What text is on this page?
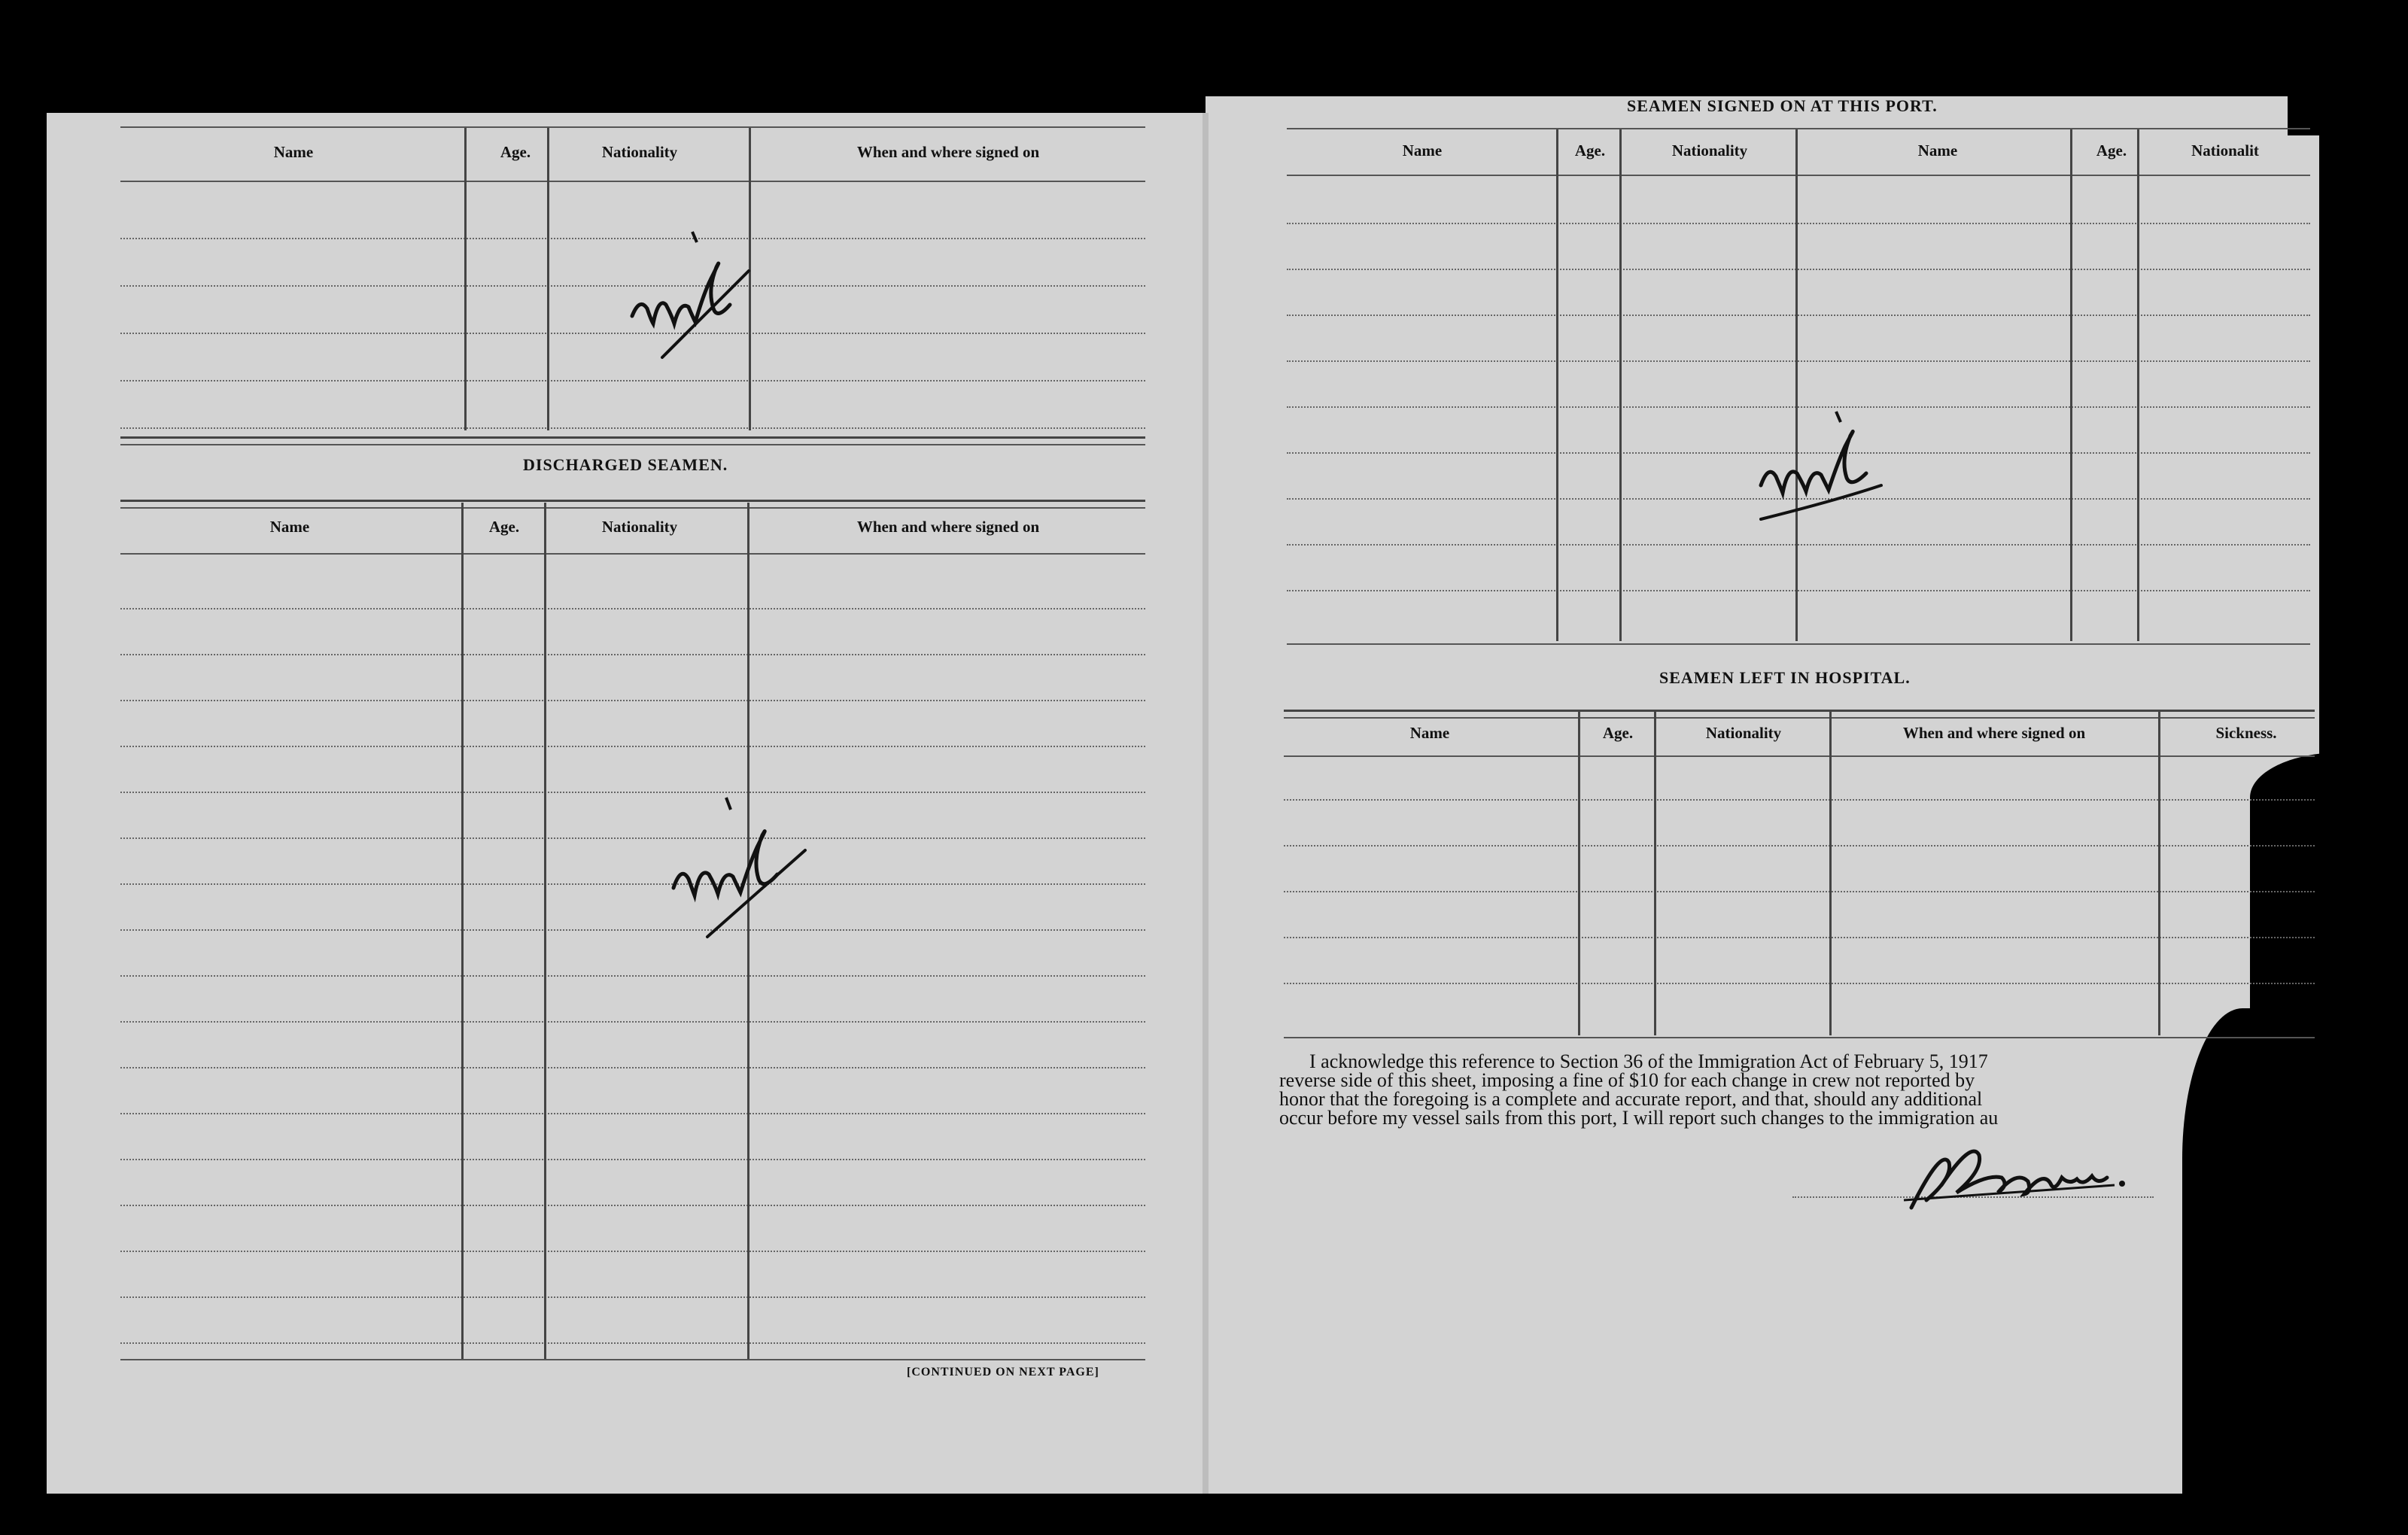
Name	Age.	Nationality	When and where signed on
DISCHARGED SEAMEN.
Name	Age.	Nationality	When and where signed on
[CONTINUED ON NEXT PAGE]
SEAMEN SIGNED ON AT THIS PORT.
Name	Age.	Nationality	Name	Age.	Nationalit
SEAMEN LEFT IN HOSPITAL.
Name	Age.	Nationality	When and where signed on	Sickness.
I acknowledge this reference to Section 36 of the Immigration Act of February 5, 1917
reverse side of this sheet, imposing a fine of $10 for each change in crew not reported by
honor that the foregoing is a complete and accurate report, and that, should any additional
occur before my vessel sails from this port, I will report such changes to the immigration au
